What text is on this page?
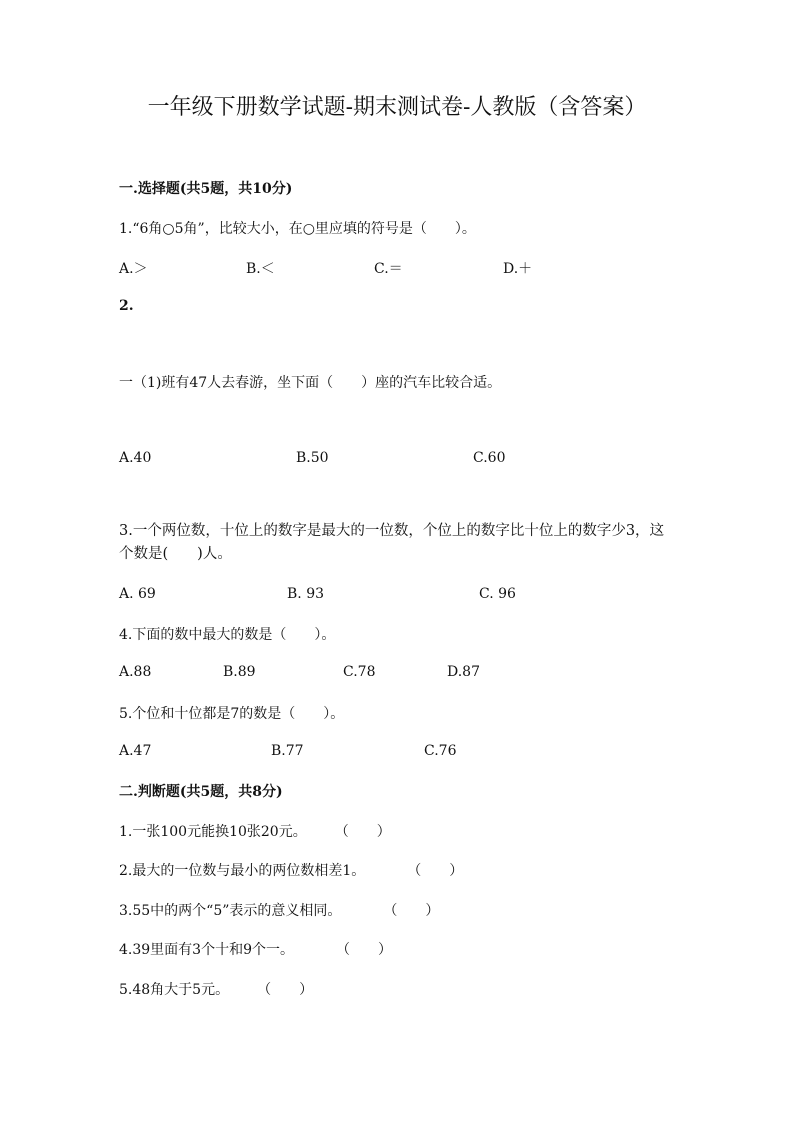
一年级下册数学试题-期末测试卷-人教版（含答案）
一.选择题(共5题，共10分)
1.“6角○5角”，比较大小，在○里应填的符号是（　　）。
A.＞	B.＜	C.＝	D.＋
2.
一（1)班有47人去春游，坐下面（　　）座的汽车比较合适。
A.40	B.50	C.60
3.一个两位数，十位上的数字是最大的一位数，个位上的数字比十位上的数字少3，这个数是(　　)人。
A. 69	B. 93	C. 96
4.下面的数中最大的数是（　　）。
A.88	B.89	C.78	D.87
5.个位和十位都是7的数是（　　）。
A.47	B.77	C.76
二.判断题(共5题，共8分)
1.一张100元能换10张20元。　　　（　　）
2.最大的一位数与最小的两位数相差1。　　　　（　　）
3.55中的两个“5”表示的意义相同。　　　　（　　）
4.39里面有3个十和9个一。　　　　（　　）
5.48角大于5元。　　　（　　）
